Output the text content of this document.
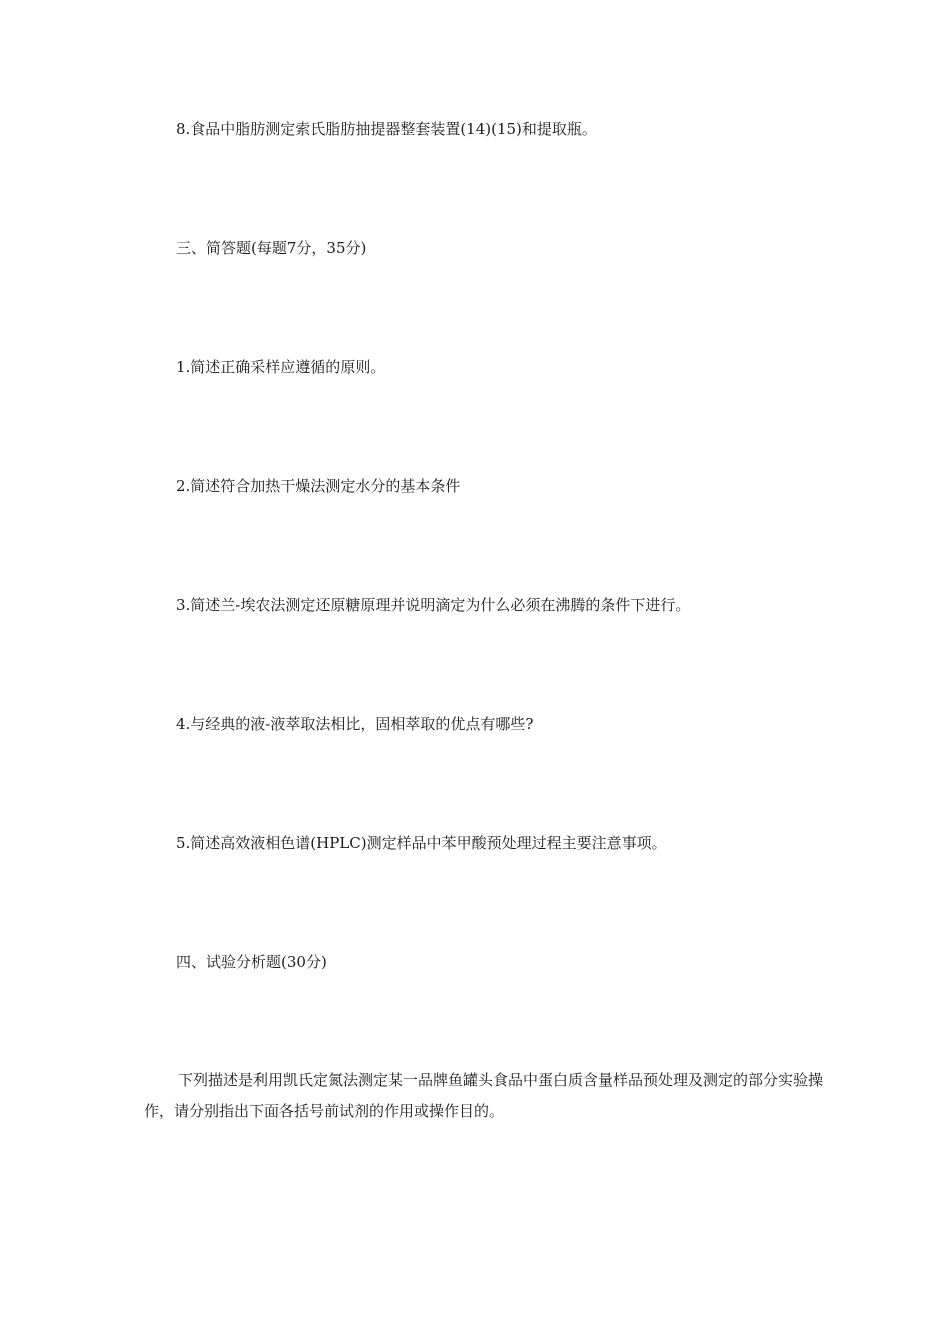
8.食品中脂肪测定索氏脂肪抽提器整套装置(14)(15)和提取瓶。
三、简答题(每题7分，35分)
1.简述正确采样应遵循的原则。
2.简述符合加热干燥法测定水分的基本条件
3.简述兰-埃农法测定还原糖原理并说明滴定为什么必须在沸腾的条件下进行。
4.与经典的液-液萃取法相比，固相萃取的优点有哪些?
5.简述高效液相色谱(HPLC)测定样品中苯甲酸预处理过程主要注意事项。
四、试验分析题(30分)
下列描述是利用凯氏定氮法测定某一品牌鱼罐头食品中蛋白质含量样品预处理及测定的部分实验操作，请分别指出下面各括号前试剂的作用或操作目的。
